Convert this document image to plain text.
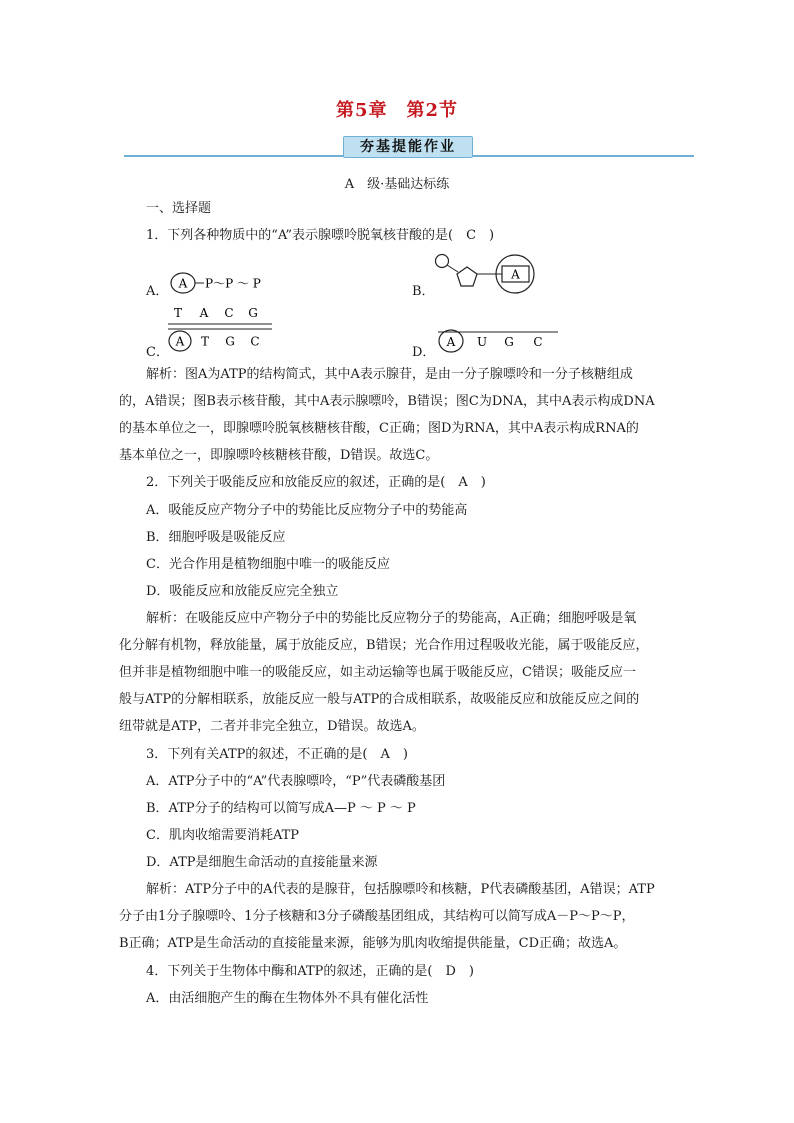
第5章　第2节
夯基提能作业
A　级·基础达标练
一、选择题
1．下列各种物质中的“A”表示腺嘌呤脱氧核苷酸的是(　C　)
A．
A P～P ～ P
B．
A
C．
T A C G
A T G C
D．
A U G C
解析：图A为ATP的结构简式，其中A表示腺苷，是由一分子腺嘌呤和一分子核糖组成
的，A错误；图B表示核苷酸，其中A表示腺嘌呤，B错误；图C为DNA，其中A表示构成DNA
的基本单位之一，即腺嘌呤脱氧核糖核苷酸，C正确；图D为RNA，其中A表示构成RNA的
基本单位之一，即腺嘌呤核糖核苷酸，D错误。故选C。
2．下列关于吸能反应和放能反应的叙述，正确的是(　A　)
A．吸能反应产物分子中的势能比反应物分子中的势能高
B．细胞呼吸是吸能反应
C．光合作用是植物细胞中唯一的吸能反应
D．吸能反应和放能反应完全独立
解析：在吸能反应中产物分子中的势能比反应物分子的势能高，A正确；细胞呼吸是氧
化分解有机物，释放能量，属于放能反应，B错误；光合作用过程吸收光能，属于吸能反应，
但并非是植物细胞中唯一的吸能反应，如主动运输等也属于吸能反应，C错误；吸能反应一
般与ATP的分解相联系，放能反应一般与ATP的合成相联系，故吸能反应和放能反应之间的
纽带就是ATP，二者并非完全独立，D错误。故选A。
3．下列有关ATP的叙述，不正确的是(　A　)
A．ATP分子中的“A”代表腺嘌呤，“P”代表磷酸基团
B．ATP分子的结构可以简写成A—P ～ P ～ P
C．肌肉收缩需要消耗ATP
D．ATP是细胞生命活动的直接能量来源
解析：ATP分子中的A代表的是腺苷，包括腺嘌呤和核糖，P代表磷酸基团，A错误；ATP
分子由1分子腺嘌呤、1分子核糖和3分子磷酸基团组成，其结构可以简写成A－P～P～P，
B正确；ATP是生命活动的直接能量来源，能够为肌肉收缩提供能量，CD正确；故选A。
4．下列关于生物体中酶和ATP的叙述，正确的是(　D　)
A．由活细胞产生的酶在生物体外不具有催化活性
